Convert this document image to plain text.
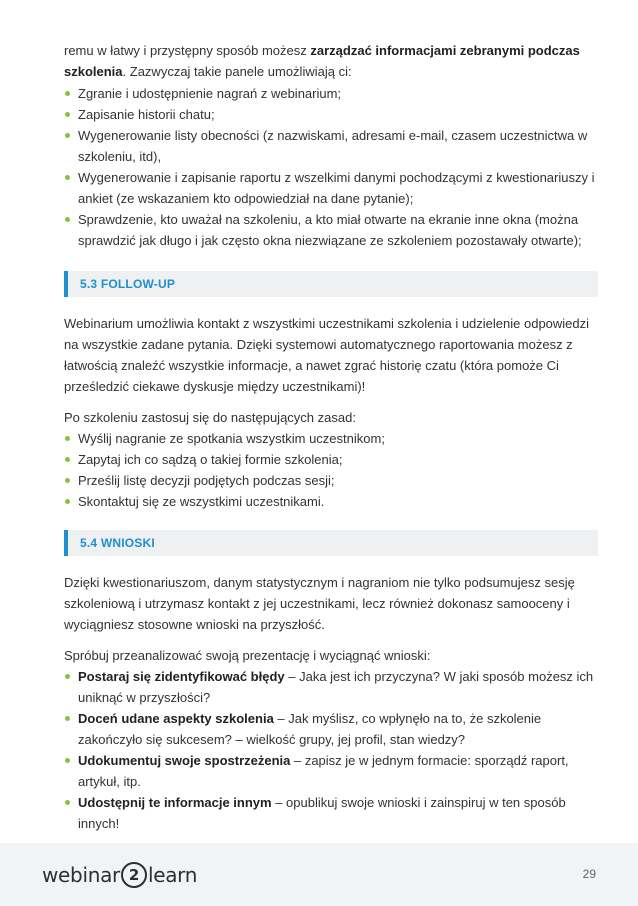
remu w łatwy i przystępny sposób możesz zarządzać informacjami zebranymi podczas szkolenia. Zazwyczaj takie panele umożliwiają ci:

Zgranie i udostępnienie nagrań z webinarium;
Zapisanie historii chatu;
Wygenerowanie listy obecności (z nazwiskami, adresami e-mail, czasem uczestnictwa w szkoleniu, itd),
Wygenerowanie i zapisanie raportu z wszelkimi danymi pochodzącymi z kwestionariuszy i ankiet (ze wskazaniem kto odpowiedział na dane pytanie);
Sprawdzenie, kto uważał na szkoleniu, a kto miał otwarte na ekranie inne okna (można sprawdzić jak długo i jak często okna niezwiązane ze szkoleniem pozostawały otwarte);
5.3 FOLLOW-UP

Webinarium umożliwia kontakt z wszystkimi uczestnikami szkolenia i udzielenie odpowiedzi na wszystkie zadane pytania. Dzięki systemowi automatycznego raportowania możesz z łatwością znaleźć wszystkie informacje, a nawet zgrać historię czatu (która pomoże Ci prześledzić ciekawe dyskusje między uczestnikami)!

Po szkoleniu zastosuj się do następujących zasad:

Wyślij nagranie ze spotkania wszystkim uczestnikom;
Zapytaj ich co sądzą o takiej formie szkolenia;
Prześlij listę decyzji podjętych podczas sesji;
Skontaktuj się ze wszystkimi uczestnikami.
5.4 WNIOSKI

Dzięki kwestionariuszom, danym statystycznym i nagraniom nie tylko podsumujesz sesję szkoleniową i utrzymasz kontakt z jej uczestnikami, lecz również dokonasz samooceny i wyciągniesz stosowne wnioski na przyszłość.

Spróbuj przeanalizować swoją prezentację i wyciągnąć wnioski:

Postaraj się zidentyfikować błędy – Jaka jest ich przyczyna? W jaki sposób możesz ich uniknąć w przyszłości?
Doceń udane aspekty szkolenia – Jak myślisz, co wpłynęło na to, że szkolenie zakończyło się sukcesem? – wielkość grupy, jej profil, stan wiedzy?
Udokumentuj swoje spostrzeżenia – zapisz je w jednym formacie: sporządź raport, artykuł, itp.
Udostępnij te informacje innym – opublikuj swoje wnioski i zainspiruj w ten sposób innych!
webinar 2 learn	29
